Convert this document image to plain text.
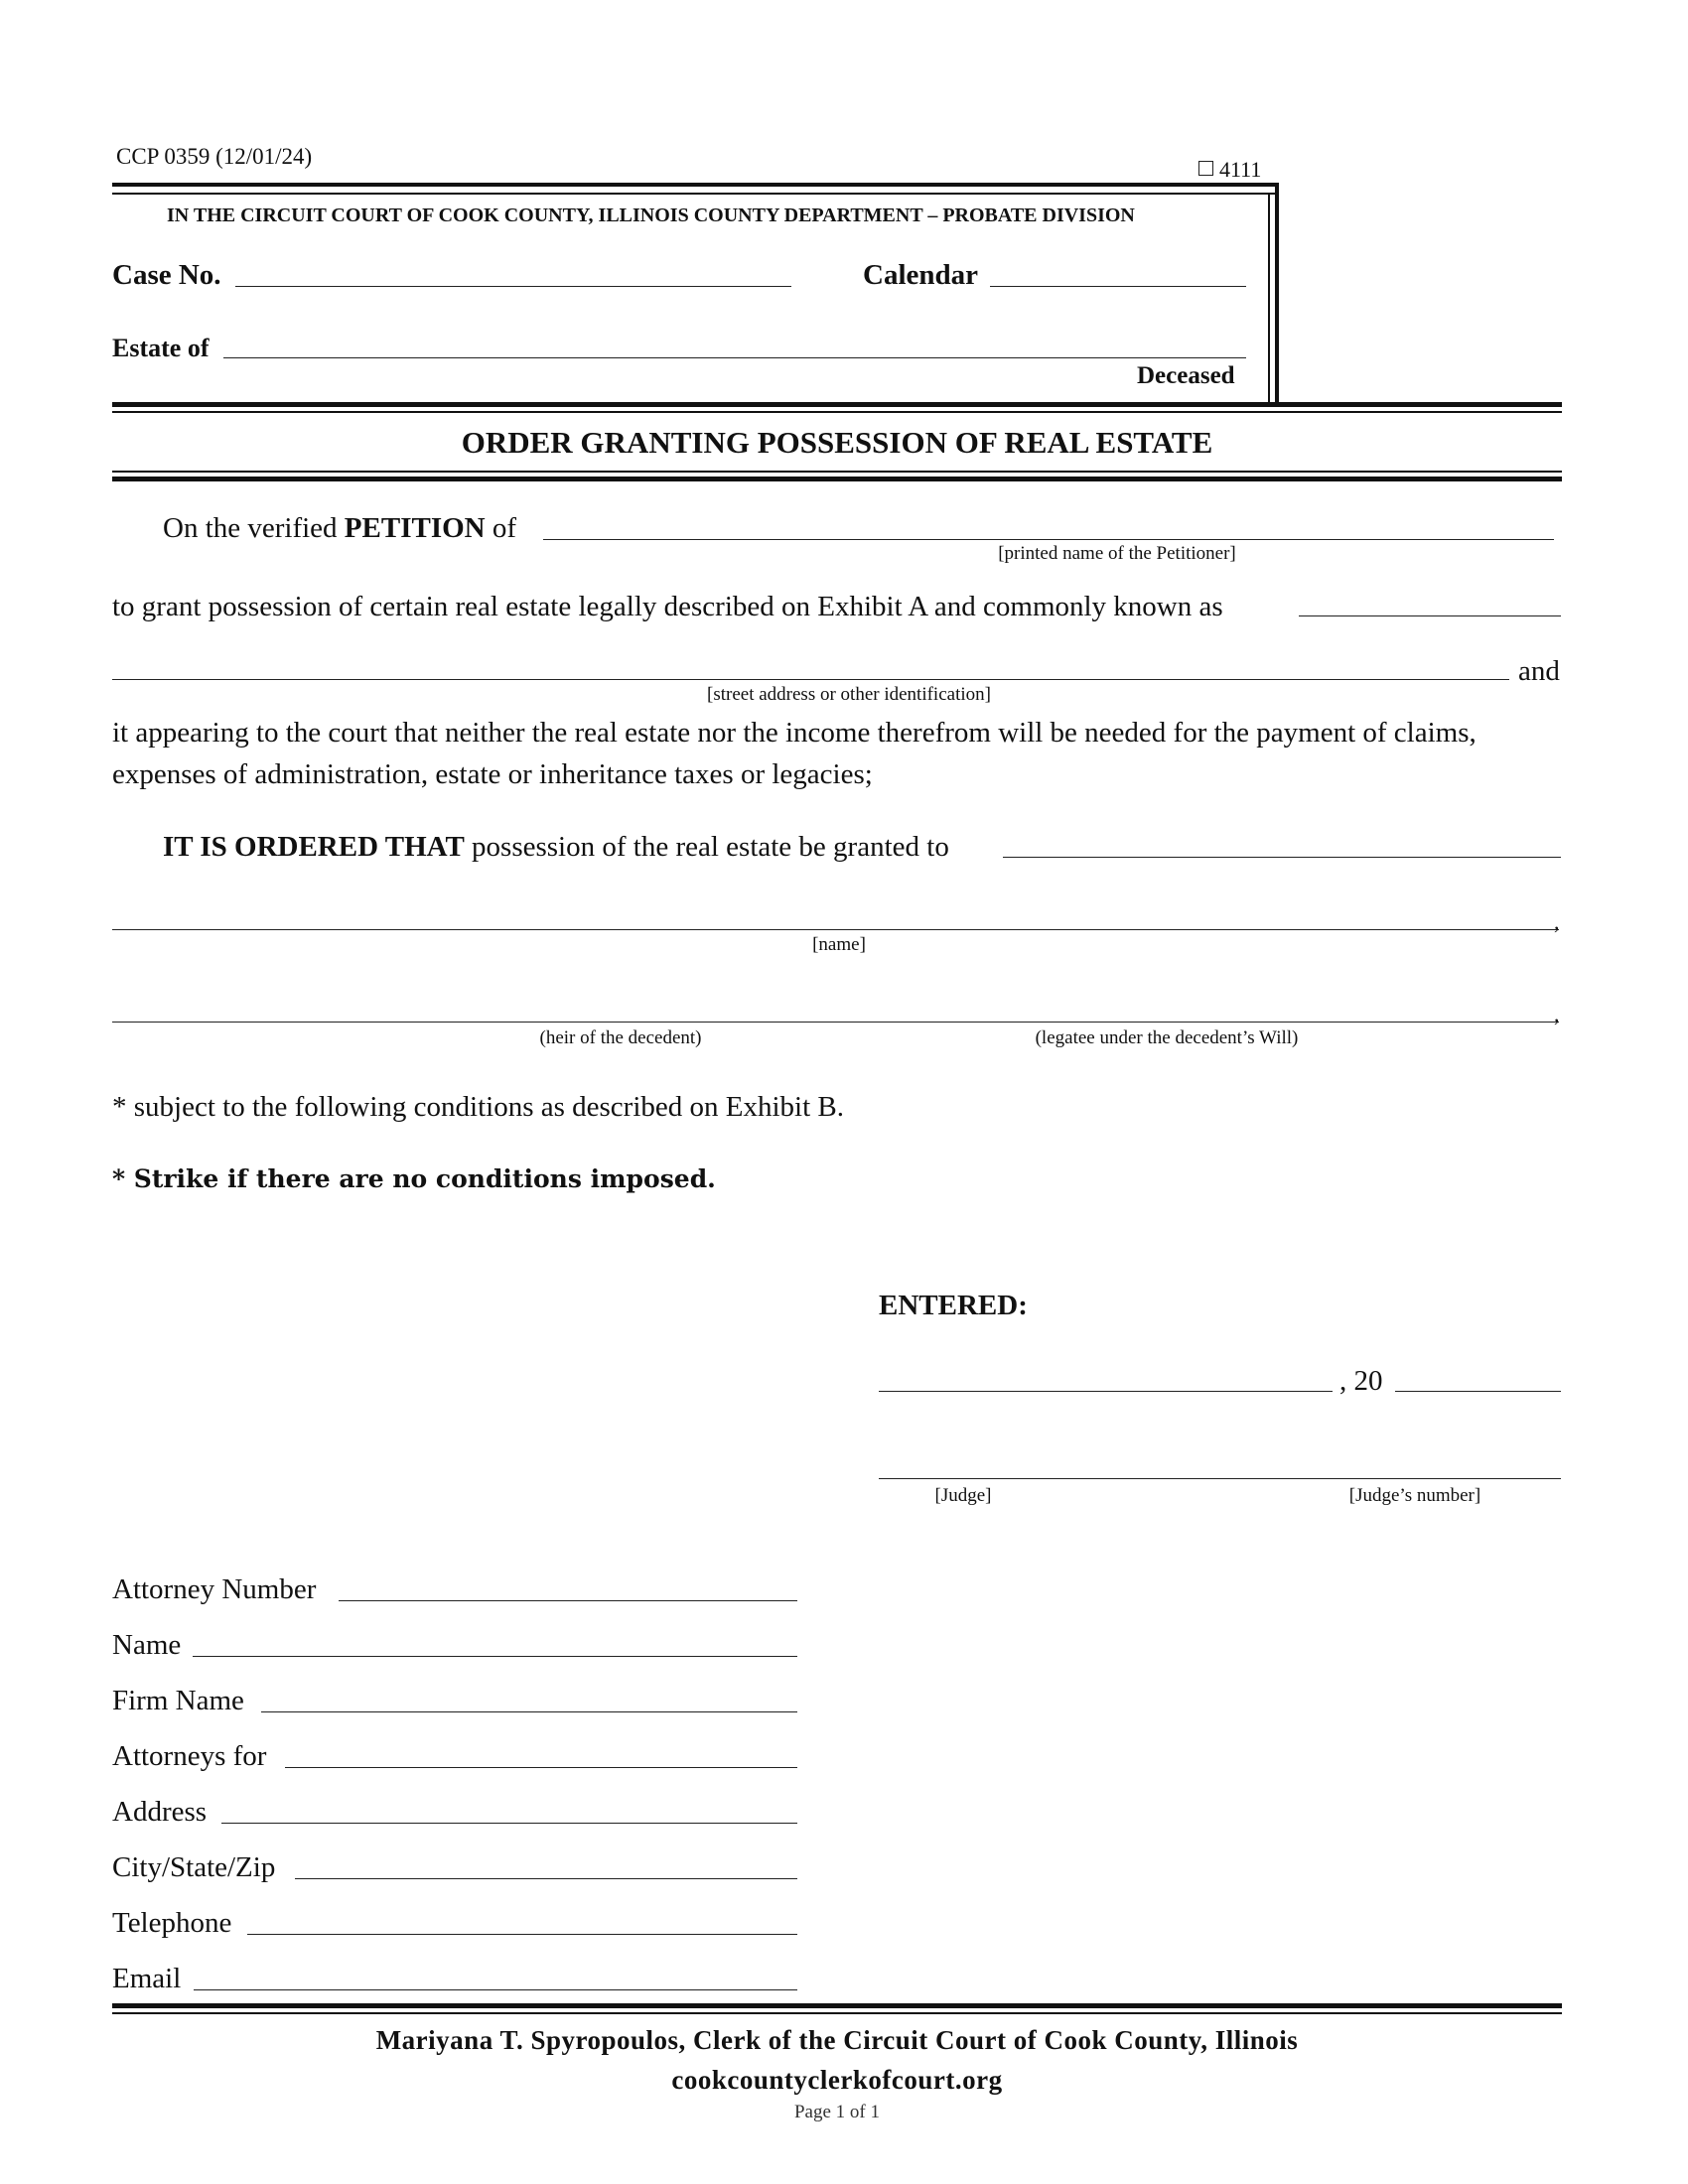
CCP 0359 (12/01/24)
4111
IN THE CIRCUIT COURT OF COOK COUNTY, ILLINOIS COUNTY DEPARTMENT – PROBATE DIVISION
Case No.	Calendar
Estate of
Deceased
ORDER GRANTING POSSESSION OF REAL ESTATE
On the verified PETITION of
[printed name of the Petitioner]
to grant possession of certain real estate legally described on Exhibit A and commonly known as
and
[street address or other identification]
it appearing to the court that neither the real estate nor the income therefrom will be needed for the payment of claims,
expenses of administration, estate or inheritance taxes or legacies;
IT IS ORDERED THAT possession of the real estate be granted to
,
[name]
,
(heir of the decedent)	(legatee under the decedent’s Will)
* subject to the following conditions as described on Exhibit B.
* Strike if there are no conditions imposed.
ENTERED:
, 20
[Judge]	[Judge’s number]
Attorney Number
Name
Firm Name
Attorneys for
Address
City/State/Zip
Telephone
Email
Mariyana T. Spyropoulos, Clerk of the Circuit Court of Cook County, Illinois
cookcountyclerkofcourt.org
Page 1 of 1
